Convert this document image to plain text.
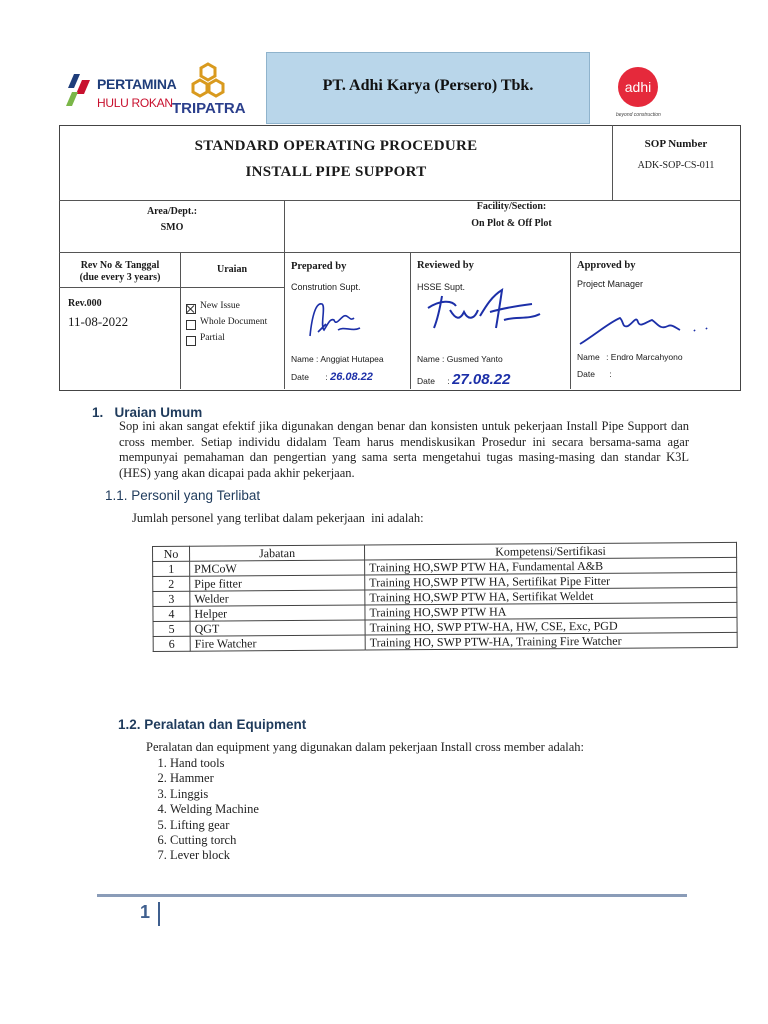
PERTAMINA
HULU ROKAN TRIPATRA
PT. Adhi Karya (Persero) Tbk.	adhi
beyond construction
STANDARD OPERATING PROCEDURE
INSTALL PIPE SUPPORT
SOP Number
ADK-SOP-CS-011
Area/Dept.:
SMO
Facility/Section:
On Plot & Off Plot
Rev No & Tanggal
(due every 3 years)
Uraian
Rev.000
11-08-2022
New Issue
Whole Document
Partial
Prepared by
Constrution Supt.
Name : Anggiat Hutapea
Date : 26.08.22
Reviewed by
HSSE Supt.
Name : Gusmed Yanto
Date : 27.08.22
Approved by
Project Manager
Name : Endro Marcahyono
Date :
1.   Uraian Umum
Sop ini akan sangat efektif jika digunakan dengan benar dan konsisten untuk pekerjaan Install Pipe Support dan cross member. Setiap individu didalam Team harus mendiskusikan Prosedur ini secara bersama-sama agar mempunyai pemahaman dan pengertian yang sama serta mengetahui tugas masing-masing dan standar K3L (HES) yang akan dicapai pada akhir pekerjaan.
1.1. Personil yang Terlibat
Jumlah personel yang terlibat dalam pekerjaan  ini adalah:
No	Jabatan	Kompetensi/Sertifikasi
1	PMCoW	Training HO,SWP PTW HA, Fundamental A&B
2	Pipe fitter	Training HO,SWP PTW HA, Sertifikat Pipe Fitter
3	Welder	Training HO,SWP PTW HA, Sertifikat Weldet
4	Helper	Training HO,SWP PTW HA
5	QGT	Training HO, SWP PTW-HA, HW, CSE, Exc, PGD
6	Fire Watcher	Training HO, SWP PTW-HA, Training Fire Watcher
1.2. Peralatan dan Equipment
Peralatan dan equipment yang digunakan dalam pekerjaan Install cross member adalah:
1. Hand tools
2. Hammer
3. Linggis
4. Welding Machine
5. Lifting gear
6. Cutting torch
7. Lever block
1
